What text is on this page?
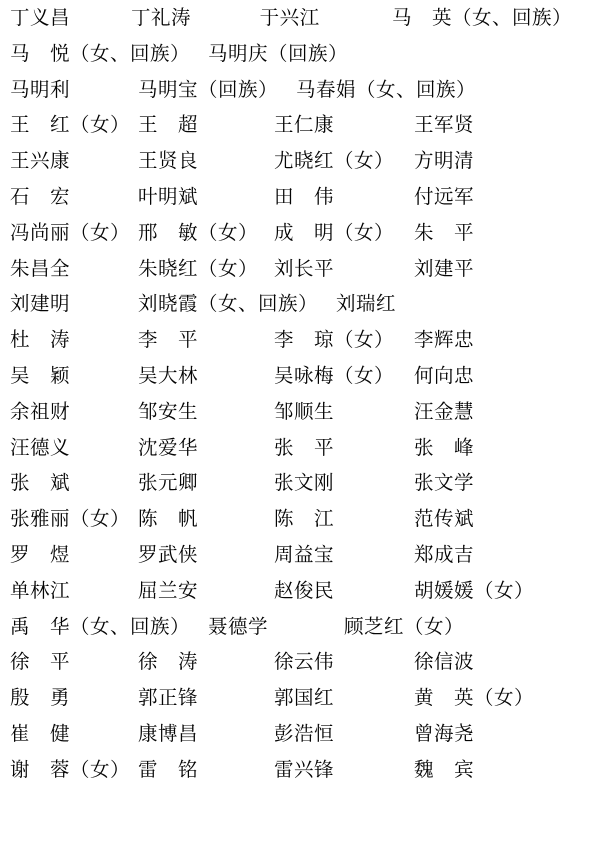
丁义昌	丁礼涛	于兴江	马　英（女、回族）
马　悦（女、回族） 马明庆（回族）
马明利	马明宝（回族） 马春娟（女、回族）
王　红（女） 王　超	王仁康	王军贤
王兴康	王贤良	尤晓红（女）	方明清
石　宏	叶明斌	田　伟	付远军
冯尚丽（女） 邢　敏（女） 成　明（女）	朱　平
朱昌全	朱晓红（女） 刘长平	刘建平
刘建明	刘晓霞（女、回族） 刘瑞红
杜　涛	李　平	李　琼（女）	李辉忠
吴　颖	吴大林	吴咏梅（女）	何向忠
余祖财	邹安生	邹顺生	汪金慧
汪德义	沈爱华	张　平	张　峰
张　斌	张元卿	张文刚	张文学
张雅丽（女） 陈　帆	陈　江	范传斌
罗　煜	罗武侠	周益宝	郑成吉
单林江	屈兰安	赵俊民	胡媛媛（女）
禹　华（女、回族） 聂德学	顾芝红（女）
徐　平	徐　涛	徐云伟	徐信波
殷　勇	郭正锋	郭国红	黄　英（女）
崔　健	康博昌	彭浩恒	曾海尧
谢　蓉（女） 雷　铭	雷兴锋	魏　宾
